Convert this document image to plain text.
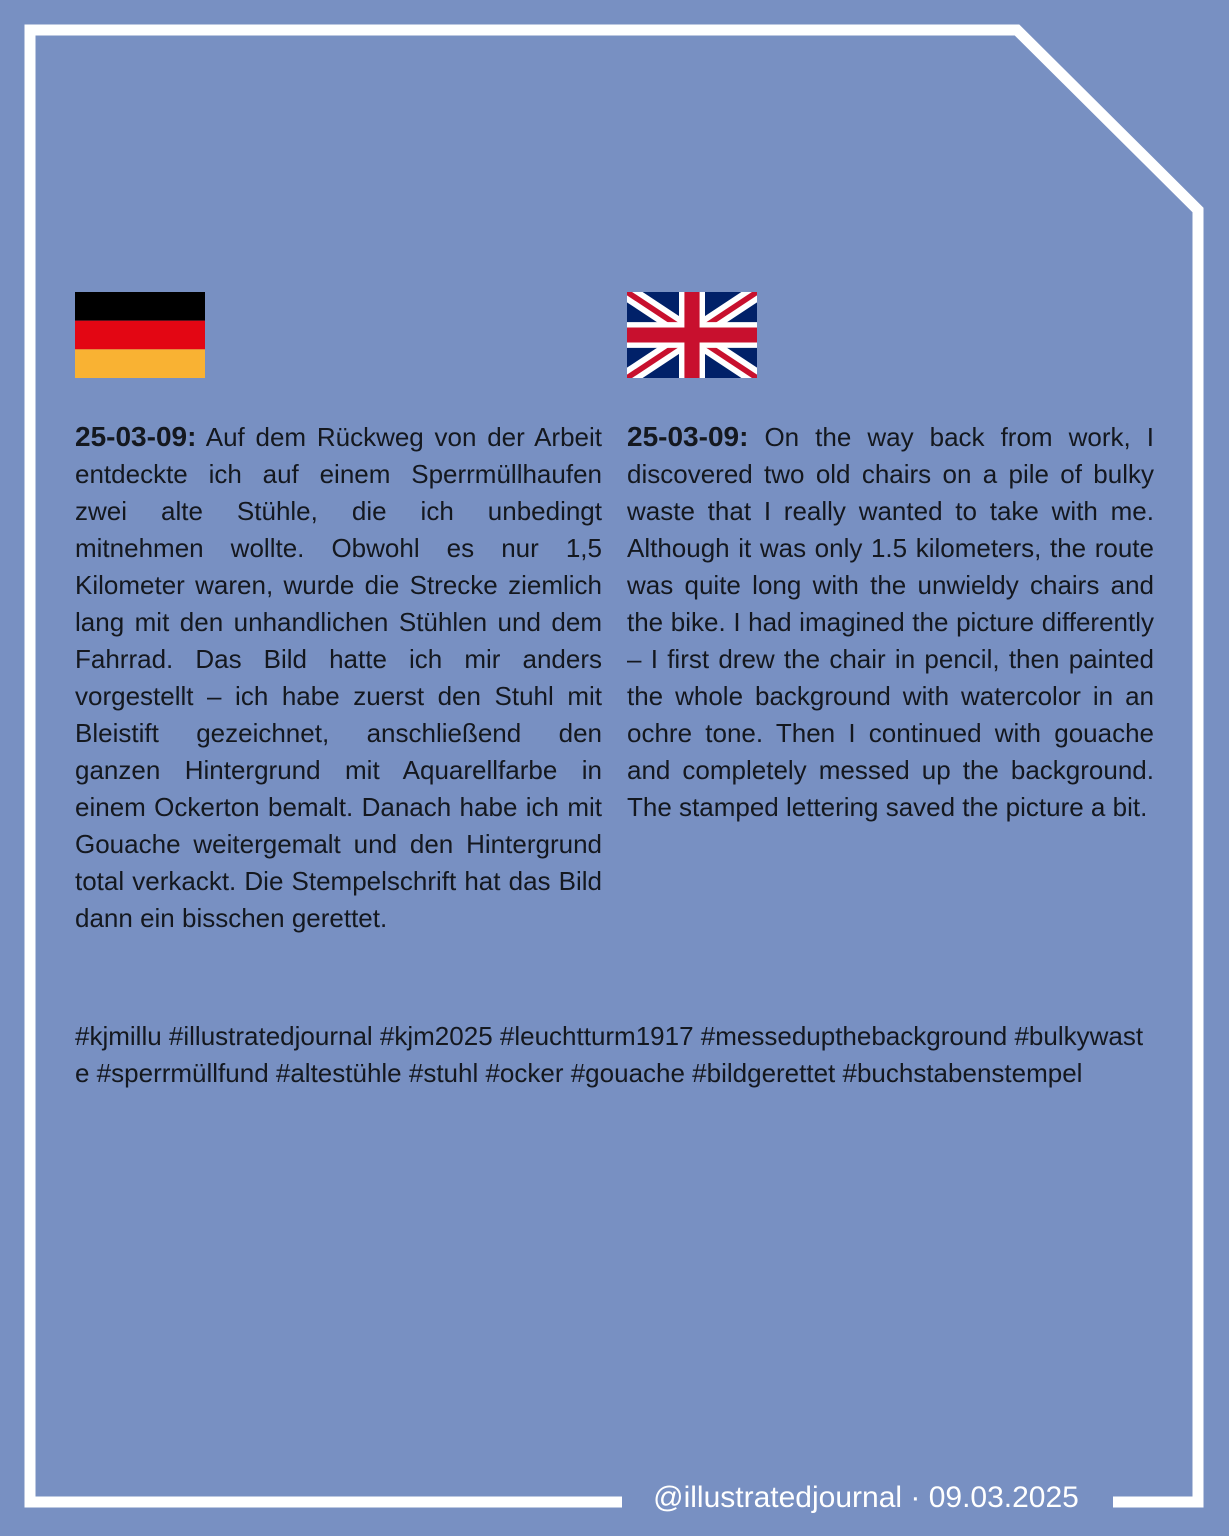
25-03-09: Auf dem Rückweg von der Arbeit entdeckte ich auf einem Sperrmüllhaufen zwei alte Stühle, die ich unbedingt mitnehmen wollte. Obwohl es nur 1,5 Kilometer waren, wurde die Strecke ziemlich lang mit den unhandlichen Stühlen und dem Fahrrad. Das Bild hatte ich mir anders vorgestellt – ich habe zuerst den Stuhl mit Bleistift gezeichnet, anschließend den ganzen Hintergrund mit Aquarellfarbe in einem Ockerton bemalt. Danach habe ich mit Gouache weitergemalt und den Hintergrund total verkackt. Die Stempelschrift hat das Bild dann ein bisschen gerettet.
25-03-09: On the way back from work, I discovered two old chairs on a pile of bulky waste that I really wanted to take with me. Although it was only 1.5 kilometers, the route was quite long with the unwieldy chairs and the bike. I had imagined the picture differently – I first drew the chair in pencil, then painted the whole background with watercolor in an ochre tone. Then I continued with gouache and completely messed up the background. The stamped lettering saved the picture a bit.
#kjmillu #illustratedjournal #kjm2025 #leuchtturm1917 #messedupthebackground #bulkywaste #sperrmüllfund #altestühle #stuhl #ocker #gouache #bildgerettet #buchstabenstempel
@illustratedjournal · 09.03.2025
